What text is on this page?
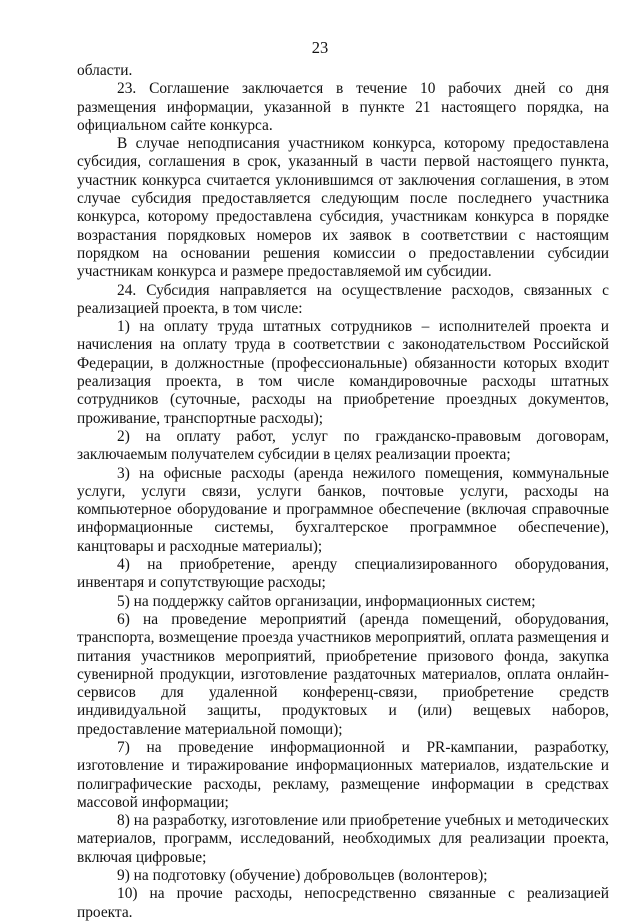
23

области.

23. Соглашение заключается в течение 10 рабочих дней со дня размещения информации, указанной в пункте 21 настоящего порядка, на официальном сайте конкурса.

В случае неподписания участником конкурса, которому предоставлена субсидия, соглашения в срок, указанный в части первой настоящего пункта, участник конкурса считается уклонившимся от заключения соглашения, в этом случае субсидия предоставляется следующим после последнего участника конкурса, которому предоставлена субсидия, участникам конкурса в порядке возрастания порядковых номеров их заявок в соответствии с настоящим порядком на основании решения комиссии о предоставлении субсидии участникам конкурса и размере предоставляемой им субсидии.

24. Субсидия направляется на осуществление расходов, связанных с реализацией проекта, в том числе:

1) на оплату труда штатных сотрудников – исполнителей проекта и начисления на оплату труда в соответствии с законодательством Российской Федерации, в должностные (профессиональные) обязанности которых входит реализация проекта, в том числе командировочные расходы штатных сотрудников (суточные, расходы на приобретение проездных документов, проживание, транспортные расходы);

2) на оплату работ, услуг по гражданско-правовым договорам, заключаемым получателем субсидии в целях реализации проекта;

3) на офисные расходы (аренда нежилого помещения, коммунальные услуги, услуги связи, услуги банков, почтовые услуги, расходы на компьютерное оборудование и программное обеспечение (включая справочные информационные системы, бухгалтерское программное обеспечение), канцтовары и расходные материалы);

4) на приобретение, аренду специализированного оборудования, инвентаря и сопутствующие расходы;

5) на поддержку сайтов организации, информационных систем;

6) на проведение мероприятий (аренда помещений, оборудования, транспорта, возмещение проезда участников мероприятий, оплата размещения и питания участников мероприятий, приобретение призового фонда, закупка сувенирной продукции, изготовление раздаточных материалов, оплата онлайн-сервисов для удаленной конференц-связи, приобретение средств индивидуальной защиты, продуктовых и (или) вещевых наборов, предоставление материальной помощи);

7) на проведение информационной и PR-кампании, разработку, изготовление и тиражирование информационных материалов, издательские и полиграфические расходы, рекламу, размещение информации в средствах массовой информации;

8) на разработку, изготовление или приобретение учебных и методических материалов, программ, исследований, необходимых для реализации проекта, включая цифровые;

9) на подготовку (обучение) добровольцев (волонтеров);

10) на прочие расходы, непосредственно связанные с реализацией проекта.
